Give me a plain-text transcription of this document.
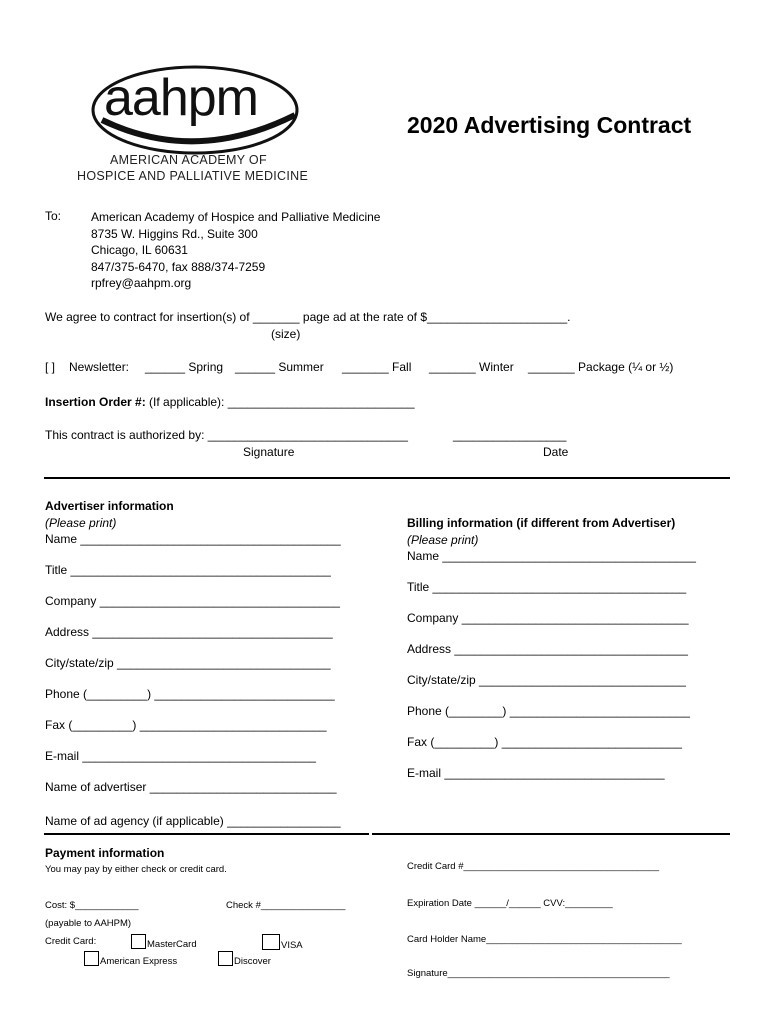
aahpm
AMERICAN ACADEMY OF
HOSPICE AND PALLIATIVE MEDICINE
2020 Advertising Contract
To: American Academy of Hospice and Palliative Medicine
8735 W. Higgins Rd., Suite 300
Chicago, IL 60631
847/375-6470, fax 888/374-7259
rpfrey@aahpm.org
We agree to contract for insertion(s) of _______ page ad at the rate of $_____________________.
(size)
[ ] Newsletter: ______ Spring ______ Summer _______ Fall _______ Winter _______ Package (¼ or ½)
Insertion Order #: (If applicable): ____________________________
This contract is authorized by: ______________________________	_________________
Signature	Date
Advertiser information
(Please print)
Name _______________________________________
Title _______________________________________
Company ____________________________________
Address ____________________________________
City/state/zip ________________________________
Phone (_________) ___________________________
Fax (_________) ____________________________
E-mail ___________________________________
Name of advertiser ____________________________
Name of ad agency (if applicable) _________________
Billing information (if different from Advertiser)
(Please print)
Name ______________________________________
Title ______________________________________
Company __________________________________
Address ___________________________________
City/state/zip _______________________________
Phone (________) ___________________________
Fax (_________) ___________________________
E-mail _________________________________
Payment information
You may pay by either check or credit card.
Cost: $____________	Check #________________
(payable to AAHPM)
Credit Card:	MasterCard	VISA
American Express	Discover
Credit Card #_____________________________________
Expiration Date ______/______ CVV:_________
Card Holder Name_____________________________________
Signature__________________________________________
